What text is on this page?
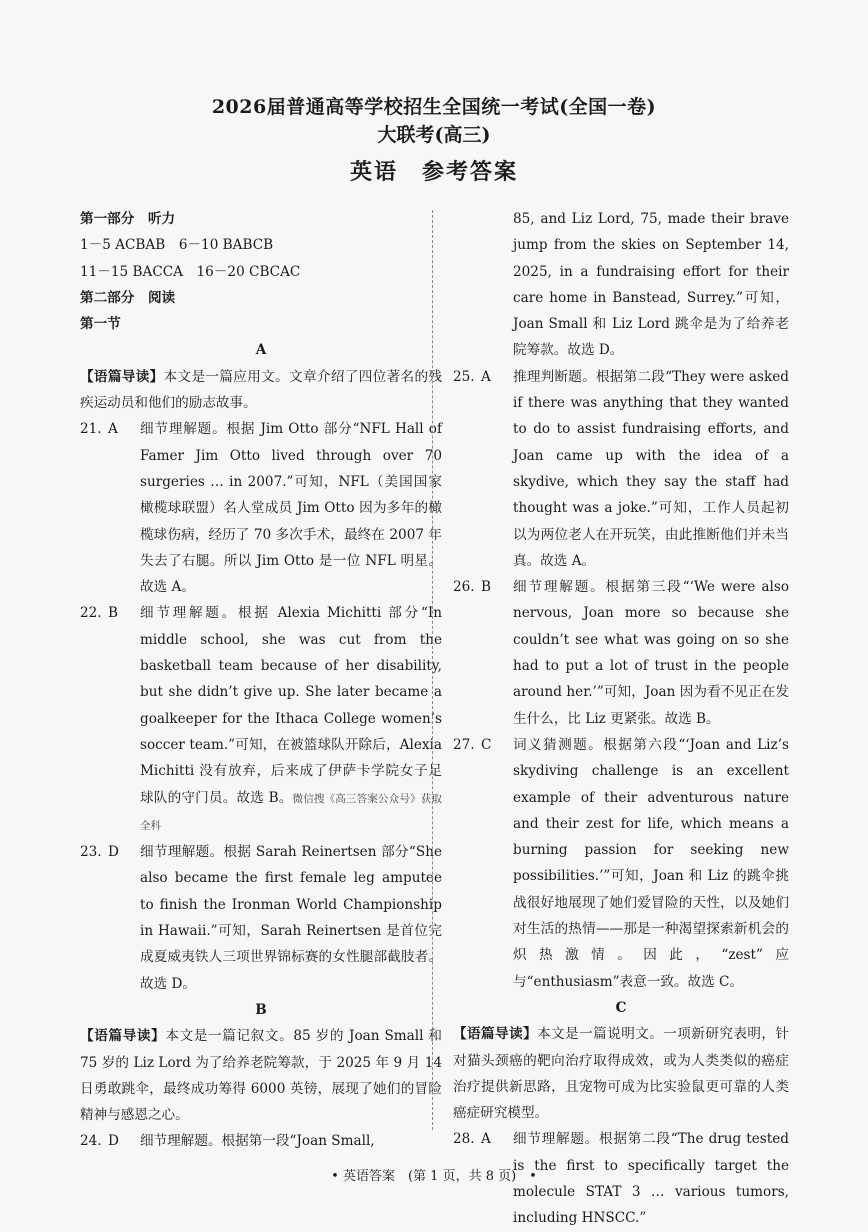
2026届普通高等学校招生全国统一考试(全国一卷)
大联考(高三)
英语　参考答案

第一部分　听力

1－5 ACBAB　6－10 BABCB

11－15 BACCA　16－20 CBCAC

第二部分　阅读

第一节

A

【语篇导读】本文是一篇应用文。文章介绍了四位著名的残疾运动员和他们的励志故事。

21. A	细节理解题。根据 Jim Otto 部分“NFL Hall of Famer Jim Otto lived through over 70 surgeries … in 2007.”可知，NFL（美国国家橄榄球联盟）名人堂成员 Jim Otto 因为多年的橄榄球伤病，经历了 70 多次手术，最终在 2007 年失去了右腿。所以 Jim Otto 是一位 NFL 明星。故选 A。
22. B	细节理解题。根据 Alexia Michitti 部分“In middle school, she was cut from the basketball team because of her disability, but she didn’t give up. She later became a goalkeeper for the Ithaca College women’s soccer team.”可知，在被篮球队开除后，Alexia Michitti 没有放弃，后来成了伊萨卡学院女子足球队的守门员。故选 B。微信搜《高三答案公众号》获取全科
23. D	细节理解题。根据 Sarah Reinertsen 部分“She also became the first female leg amputee to finish the Ironman World Championship in Hawaii.”可知，Sarah Reinertsen 是首位完成夏威夷铁人三项世界锦标赛的女性腿部截肢者。故选 D。

B

【语篇导读】本文是一篇记叙文。85 岁的 Joan Small 和 75 岁的 Liz Lord 为了给养老院筹款，于 2025 年 9 月 14 日勇敢跳伞，最终成功筹得 6000 英镑，展现了她们的冒险精神与感恩之心。

24. D	细节理解题。根据第一段“Joan Small,
85, and Liz Lord, 75, made their brave jump from the skies on September 14, 2025, in a fundraising effort for their care home in Banstead, Surrey.”可知，Joan Small 和 Liz Lord 跳伞是为了给养老院筹款。故选 D。
25. A	推理判断题。根据第二段“They were asked if there was anything that they wanted to do to assist fundraising efforts, and Joan came up with the idea of a skydive, which they say the staff had thought was a joke.”可知，工作人员起初以为两位老人在开玩笑，由此推断他们并未当真。故选 A。
26. B	细节理解题。根据第三段“‘We were also nervous, Joan more so because she couldn’t see what was going on so she had to put a lot of trust in the people around her.’”可知，Joan 因为看不见正在发生什么，比 Liz 更紧张。故选 B。
27. C	词义猜测题。根据第六段“‘Joan and Liz’s skydiving challenge is an excellent example of their adventurous nature and their zest for life, which means a burning passion for seeking new possibilities.’”可知，Joan 和 Liz 的跳伞挑战很好地展现了她们爱冒险的天性，以及她们对生活的热情——那是一种渴望探索新机会的炽热激情。因此，“zest”应与“enthusiasm”表意一致。故选 C。

C

【语篇导读】本文是一篇说明文。一项新研究表明，针对猫头颈癌的靶向治疗取得成效，或为人类类似的癌症治疗提供新思路，且宠物可成为比实验鼠更可靠的人类癌症研究模型。

28. A	细节理解题。根据第二段“The drug tested is the first to specifically target the molecule STAT 3 … various tumors, including HNSCC.”
• 英语答案　(第 1 页，共 8 页)　•
